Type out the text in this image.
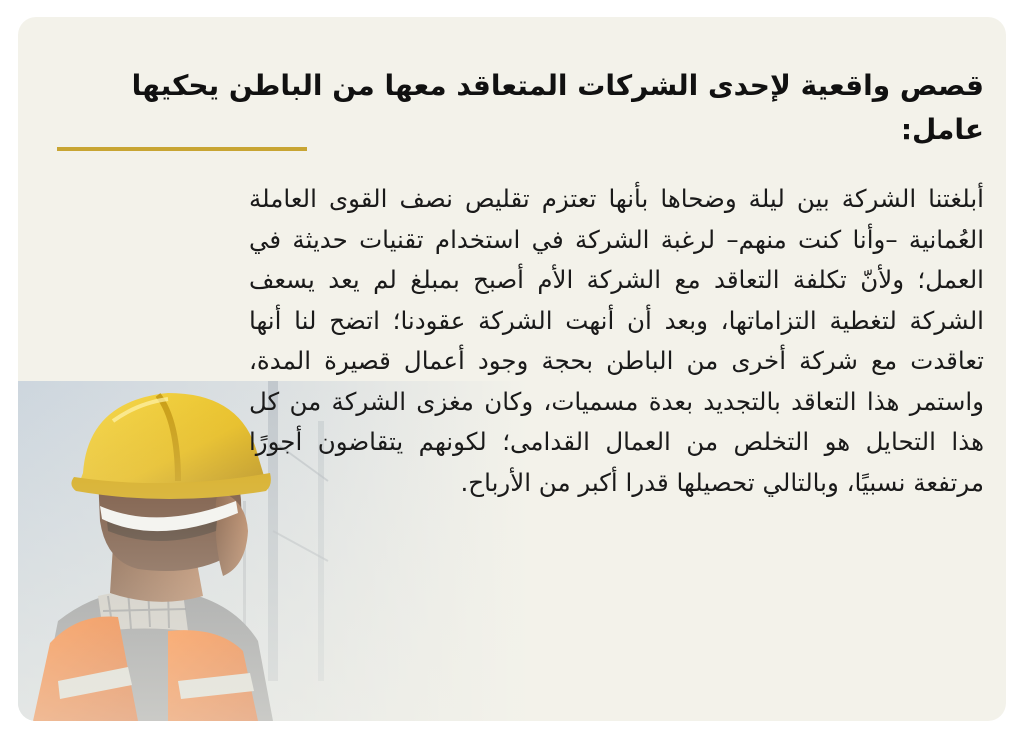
قصص واقعية لإحدى الشركات المتعاقد معها من الباطن يحكيها عامل:

أبلغتنا الشركة بين ليلة وضحاها بأنها تعتزم تقليص نصف القوى العاملة العُمانية –وأنا كنت منهم– لرغبة الشركة في استخدام تقنيات حديثة في العمل؛ ولأنّ تكلفة التعاقد مع الشركة الأم أصبح بمبلغ لم يعد يسعف الشركة لتغطية التزاماتها، وبعد أن أنهت الشركة عقودنا؛ اتضح لنا أنها تعاقدت مع شركة أخرى من الباطن بحجة وجود أعمال قصيرة المدة، واستمر هذا التعاقد بالتجديد بعدة مسميات، وكان مغزى الشركة من كل هذا التحايل هو التخلص من العمال القدامى؛ لكونهم يتقاضون أجورًا مرتفعة نسبيًا، وبالتالي تحصيلها قدرا أكبر من الأرباح.
